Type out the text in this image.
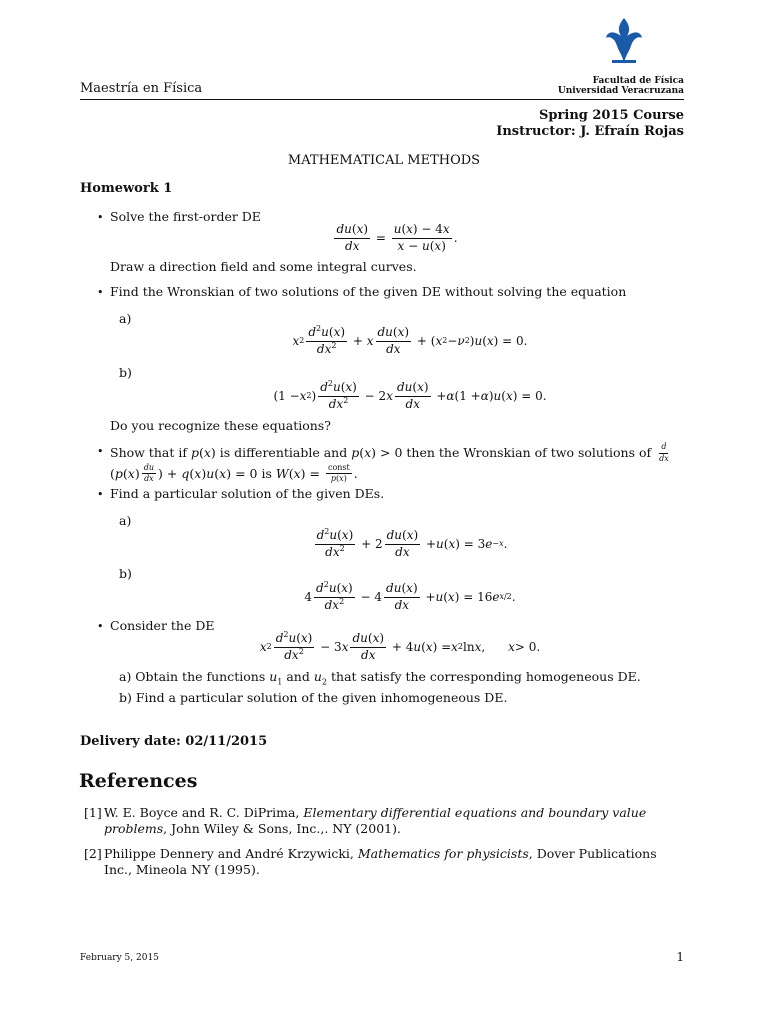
Maestría en Física	Facultad de Física
Universidad Veracruzana
Spring 2015 Course
Instructor: J. Efraín Rojas
MATHEMATICAL METHODS
Homework 1
• Solve the first-order DE
$\frac{du(x)}{dx} = \frac{u(x) - 4x}{x - u(x)}$ .
Draw a direction field and some integral curves.
• Find the Wronskian of two solutions of the given DE without solving the equation
a)
x $2 \frac{d^2u(x)}{dx^2} + x \frac{du(x)}{dx}$ + ( x 2 − ν 2 ) u ( x ) = 0.
b)
(1 − x 2 ) $\frac{d^2u(x)}{dx^2} - 2$ x $\frac{du(x)}{dx} + \alpha$ (1 + α ) u ( x ) = 0.
Do you recognize these equations?
• Show that if p(x) is differentiable and p(x) > 0 then the Wronskian of two solutions of $\frac{d}{dx}$
($p(x) \frac{du}{dx}$ ) + q(x)u(x) = 0 is $W(x) = \frac{\text{const}}{p(x)}$ .
• Find a particular solution of the given DEs.
a)
$\frac{d^2u(x)}{dx^2} + 2 \frac{du(x)}{dx} + u$ ( x ) = 3 e −x .
b)
$4 \frac{d^2u(x)}{dx^2} - 4 \frac{du(x)}{dx} + u$ ( x ) = 16 e x/2 .
• Consider the DE
x $2 \frac{d^2u(x)}{dx^2} - 3$ x $\frac{du(x)}{dx} + 4$ u ( x ) = x 2 ln x , x > 0.
a) Obtain the functions $u_1$ and $u_2$ that satisfy the corresponding homogeneous DE.
b) Find a particular solution of the given inhomogeneous DE.
Delivery date: 02/11/2015
References
[1] W. E. Boyce and R. C. DiPrima, Elementary differential equations and boundary value problems, John Wiley & Sons, Inc.,. NY (2001).
[2] Philippe Dennery and André Krzywicki, Mathematics for physicists, Dover Publications Inc., Mineola NY (1995).
February 5, 2015	1
